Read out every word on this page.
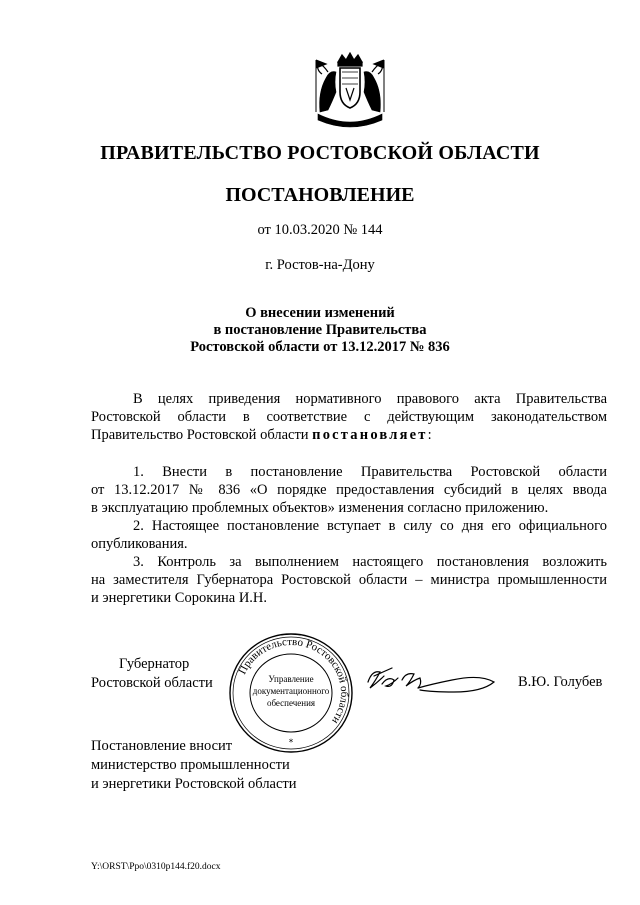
ПРАВИТЕЛЬСТВО РОСТОВСКОЙ ОБЛАСТИ
ПОСТАНОВЛЕНИЕ
от 10.03.2020 № 144
г. Ростов-на-Дону
О внесении изменений
в постановление Правительства
Ростовской области от 13.12.2017 № 836
В целях приведения нормативного правового акта Правительства
Ростовской области в соответствие с действующим законодательством
Правительство Ростовской области постановляет:
1. Внести в постановление Правительства Ростовской области
от 13.12.2017 № 836 «О порядке предоставления субсидий в целях ввода
в эксплуатацию проблемных объектов» изменения согласно приложению.
2. Настоящее постановление вступает в силу со дня его официального
опубликования.
3. Контроль за выполнением настоящего постановления возложить
на заместителя Губернатора Ростовской области – министра промышленности
и энергетики Сорокина И.Н.
Губернатор
Ростовской области
Правительство Ростовской области
Управление
документационного
обеспечения
*
В.Ю. Голубев
Постановление вносит
министерство промышленности
и энергетики Ростовской области
Y:\ORST\Ppo\0310p144.f20.docx
